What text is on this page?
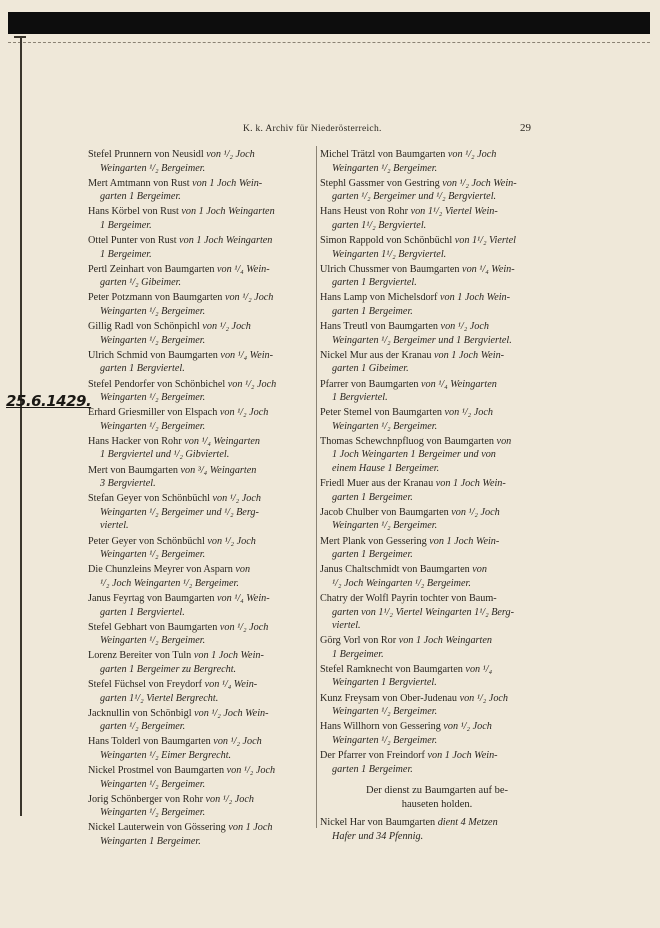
K. k. Archiv für Niederösterreich.	29
25.6.1429.
Stefel Prunnern von Neusidl von ¹/₂ Joch
Weingarten ¹/₂ Bergeimer.
Mert Amtmann von Rust von 1 Joch Wein-
garten 1 Bergeimer.
Hans Körbel von Rust von 1 Joch Weingarten
1 Bergeimer.
Ottel Punter von Rust von 1 Joch Weingarten
1 Bergeimer.
Pertl Zeinhart von Baumgarten von ¹/₄ Wein-
garten ¹/₂ Gibeimer.
Peter Potzmann von Baumgarten von ¹/₂ Joch
Weingarten ¹/₂ Bergeimer.
Gillig Radl von Schönpichl von ¹/₂ Joch
Weingarten ¹/₂ Bergeimer.
Ulrich Schmid von Baumgarten von ¹/₄ Wein-
garten 1 Bergviertel.
Stefel Pendorfer von Schönbichel von ¹/₂ Joch
Weingarten ¹/₂ Bergeimer.
Erhard Griesmiller von Elspach von ¹/₂ Joch
Weingarten ¹/₂ Bergeimer.
Hans Hacker von Rohr von ¹/₄ Weingarten
1 Bergviertel und ¹/₂ Gibviertel.
Mert von Baumgarten von ³/₄ Weingarten
3 Bergviertel.
Stefan Geyer von Schönbüchl von ¹/₂ Joch
Weingarten ¹/₂ Bergeimer und ¹/₂ Berg-
viertel.
Peter Geyer von Schönbüchl von ¹/₂ Joch
Weingarten ¹/₂ Bergeimer.
Die Chunzleins Meyrer von Asparn von
¹/₂ Joch Weingarten ¹/₂ Bergeimer.
Janus Feyrtag von Baumgarten von ¹/₄ Wein-
garten 1 Bergviertel.
Stefel Gebhart von Baumgarten von ¹/₂ Joch
Weingarten ¹/₂ Bergeimer.
Lorenz Bereiter von Tuln von 1 Joch Wein-
garten 1 Bergeimer zu Bergrecht.
Stefel Füchsel von Freydorf von ¹/₄ Wein-
garten 1¹/₂ Viertel Bergrecht.
Jacknullin von Schönbigl von ¹/₂ Joch Wein-
garten ¹/₂ Bergeimer.
Hans Tolderl von Baumgarten von ¹/₂ Joch
Weingarten ¹/₂ Eimer Bergrecht.
Nickel Prostmel von Baumgarten von ¹/₂ Joch
Weingarten ¹/₂ Bergeimer.
Jorig Schönberger von Rohr von ¹/₂ Joch
Weingarten ¹/₂ Bergeimer.
Nickel Lauterwein von Gössering von 1 Joch
Weingarten 1 Bergeimer.
Michel Trätzl von Baumgarten von ¹/₂ Joch
Weingarten ¹/₂ Bergeimer.
Stephl Gassmer von Gestring von ¹/₂ Joch Wein-
garten ¹/₂ Bergeimer und ¹/₂ Bergviertel.
Hans Heust von Rohr von 1¹/₂ Viertel Wein-
garten 1¹/₂ Bergviertel.
Simon Rappold von Schönbüchl von 1¹/₂ Viertel
Weingarten 1¹/₂ Bergviertel.
Ulrich Chussmer von Baumgarten von ¹/₄ Wein-
garten 1 Bergviertel.
Hans Lamp von Michelsdorf von 1 Joch Wein-
garten 1 Bergeimer.
Hans Treutl von Baumgarten von ¹/₂ Joch
Weingarten ¹/₂ Bergeimer und 1 Bergviertel.
Nickel Mur aus der Kranau von 1 Joch Wein-
garten 1 Gibeimer.
Pfarrer von Baumgarten von ¹/₄ Weingarten
1 Bergviertel.
Peter Stemel von Baumgarten von ¹/₂ Joch
Weingarten ¹/₂ Bergeimer.
Thomas Schewchnpfluog von Baumgarten von
1 Joch Weingarten 1 Bergeimer und von
einem Hause 1 Bergeimer.
Friedl Muer aus der Kranau von 1 Joch Wein-
garten 1 Bergeimer.
Jacob Chulber von Baumgarten von ¹/₂ Joch
Weingarten ¹/₂ Bergeimer.
Mert Plank von Gessering von 1 Joch Wein-
garten 1 Bergeimer.
Janus Chaltschmidt von Baumgarten von
¹/₂ Joch Weingarten ¹/₂ Bergeimer.
Chatry der Wolfl Payrin tochter von Baum-
garten von 1¹/₂ Viertel Weingarten 1¹/₂ Berg-
viertel.
Görg Vorl von Ror von 1 Joch Weingarten
1 Bergeimer.
Stefel Ramknecht von Baumgarten von ¹/₄
Weingarten 1 Bergviertel.
Kunz Freysam von Ober-Judenau von ¹/₂ Joch
Weingarten ¹/₂ Bergeimer.
Hans Willhorn von Gessering von ¹/₂ Joch
Weingarten ¹/₂ Bergeimer.
Der Pfarrer von Freindorf von 1 Joch Wein-
garten 1 Bergeimer.
Der dienst zu Baumgarten auf be-
hauseten holden.
Nickel Har von Baumgarten dient 4 Metzen
Hafer und 34 Pfennig.
